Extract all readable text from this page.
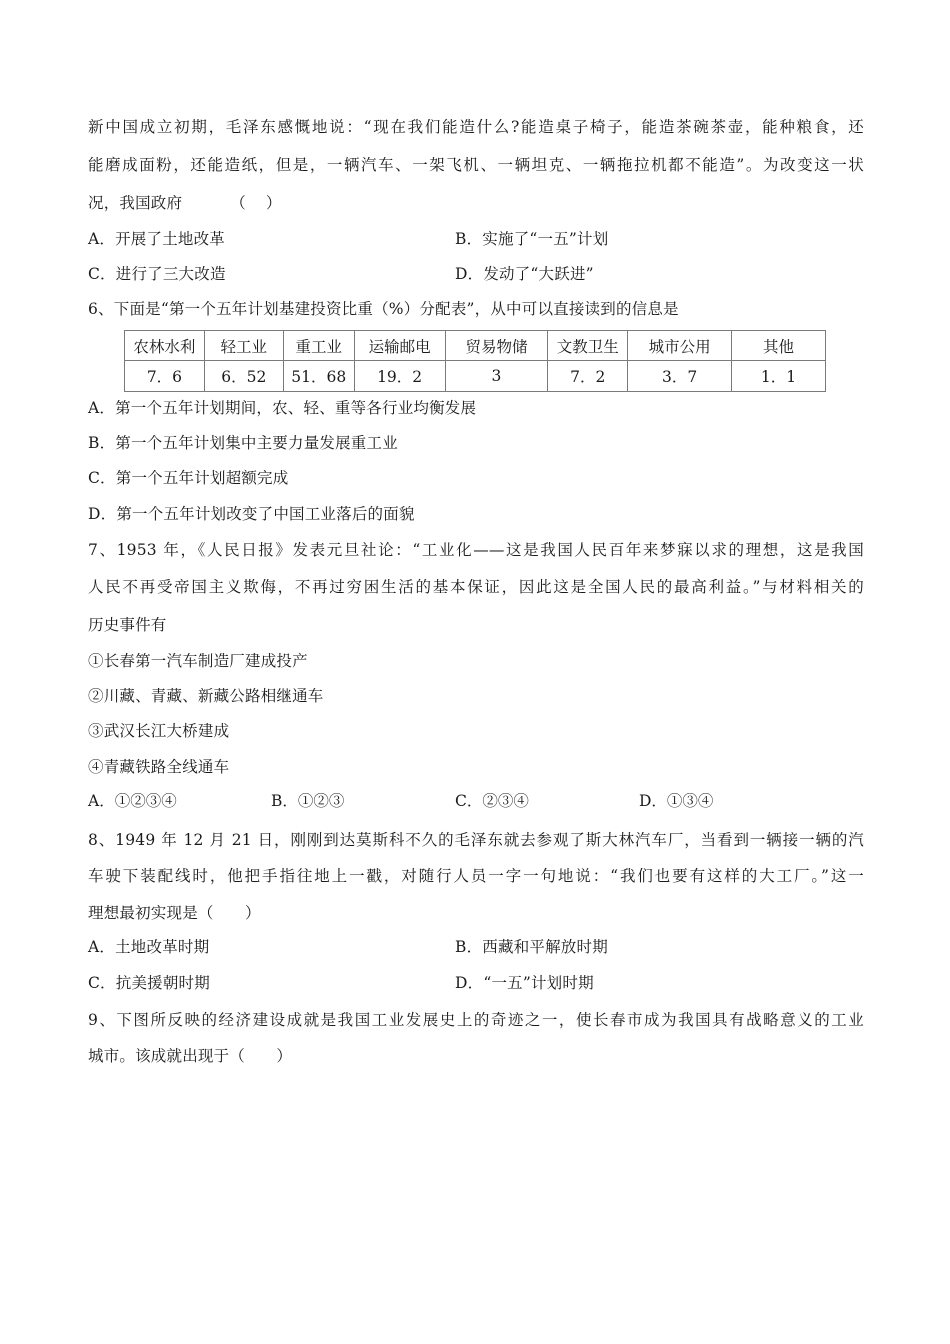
新中国成立初期，毛泽东感慨地说：“现在我们能造什么?能造桌子椅子，能造茶碗茶壶，能种粮食，还
能磨成面粉，还能造纸，但是，一辆汽车、一架飞机、一辆坦克、一辆拖拉机都不能造”。为改变这一状
况，我国政府	（ ）
A．开展了土地改革	B．实施了“一五”计划
C．进行了三大改造	D．发动了“大跃进”
6、下面是“第一个五年计划基建投资比重（%）分配表”，从中可以直接读到的信息是
农林水利	轻工业	重工业	运输邮电	贸易物储	文教卫生	城市公用	其他
7．6	6．52	51．68	19．2	3	7．2	3．7	1．1
A．第一个五年计划期间，农、轻、重等各行业均衡发展
B．第一个五年计划集中主要力量发展重工业
C．第一个五年计划超额完成
D．第一个五年计划改变了中国工业落后的面貌
7、1953 年，《人民日报》发表元旦社论：“工业化——这是我国人民百年来梦寐以求的理想，这是我国
人民不再受帝国主义欺侮，不再过穷困生活的基本保证，因此这是全国人民的最高利益。”与材料相关的
历史事件有
①长春第一汽车制造厂建成投产
②川藏、青藏、新藏公路相继通车
③武汉长江大桥建成
④青藏铁路全线通车
A．①②③④	B．①②③	C．②③④	D．①③④
8、1949 年 12 月 21 日，刚刚到达莫斯科不久的毛泽东就去参观了斯大林汽车厂，当看到一辆接一辆的汽
车驶下装配线时，他把手指往地上一戳，对随行人员一字一句地说：“我们也要有这样的大工厂。”这一
理想最初实现是（　　）
A．土地改革时期	B．西藏和平解放时期
C．抗美援朝时期	D．“一五”计划时期
9、下图所反映的经济建设成就是我国工业发展史上的奇迹之一，使长春市成为我国具有战略意义的工业
城市。该成就出现于（　　）
